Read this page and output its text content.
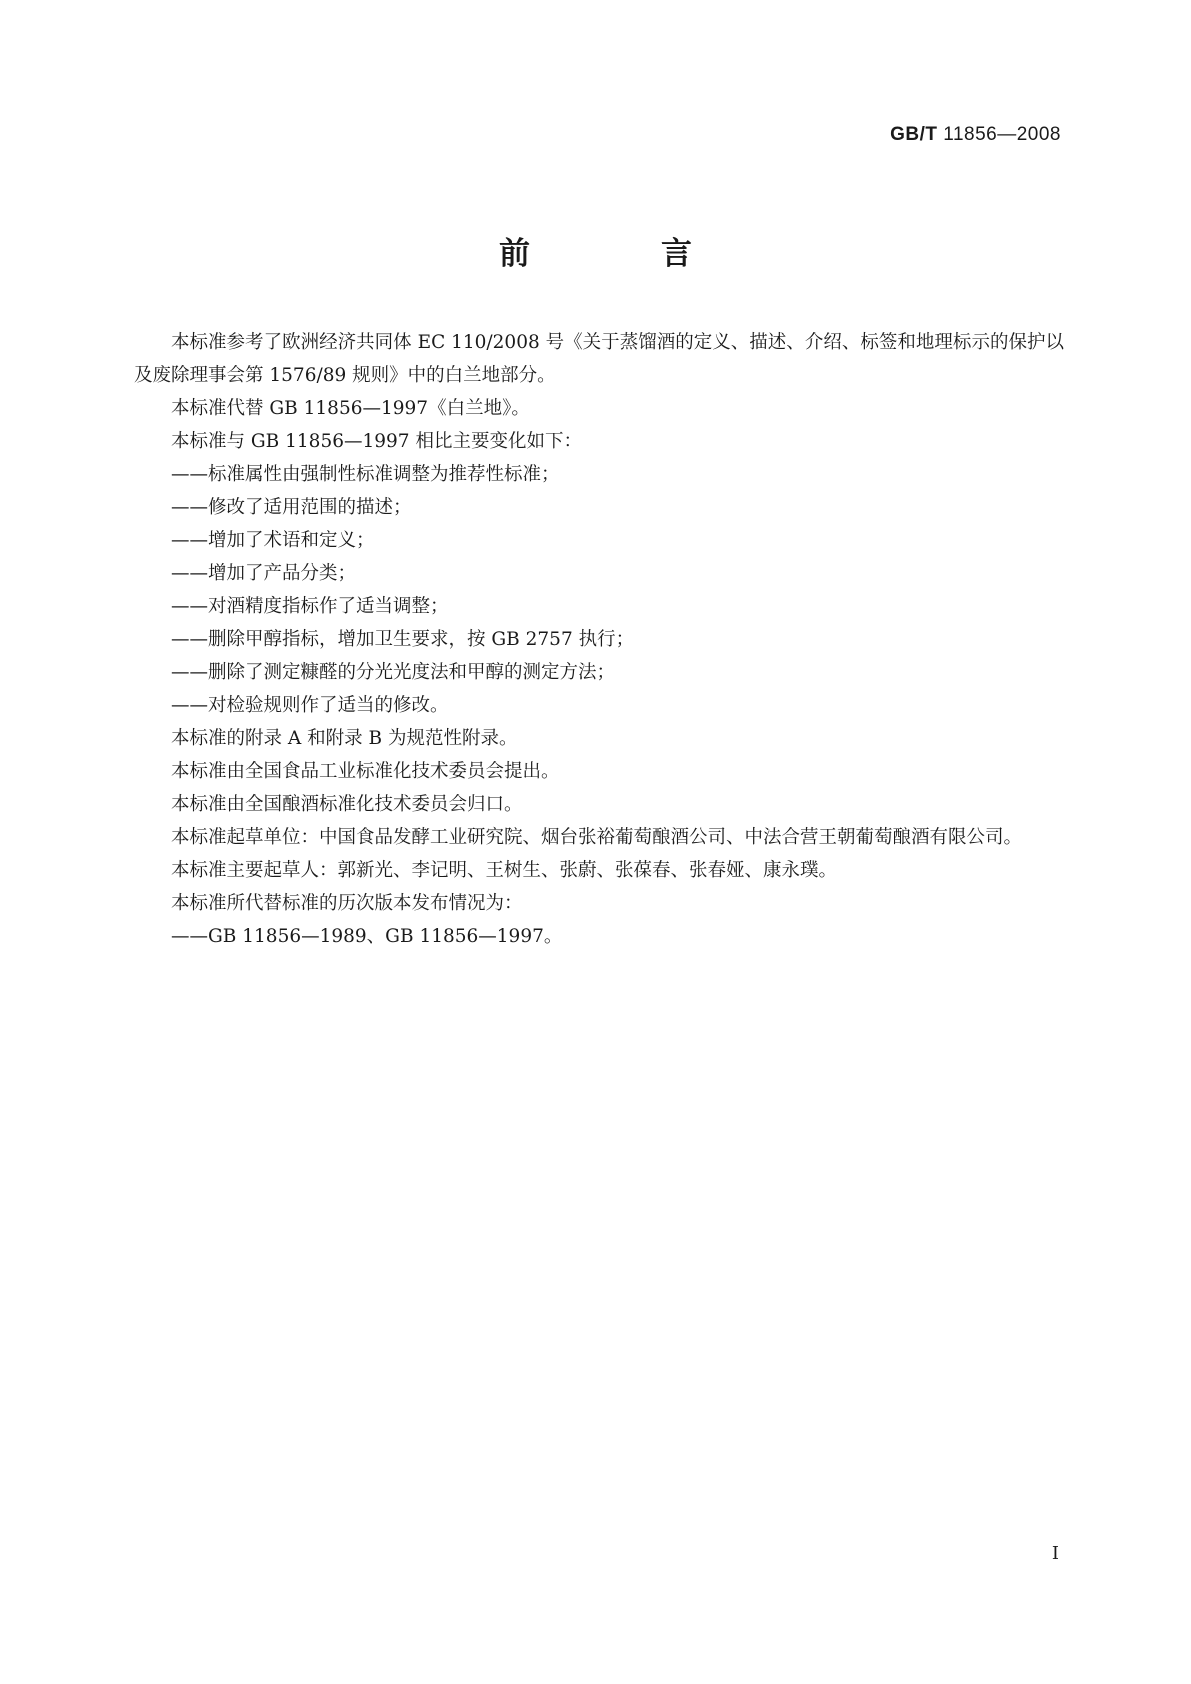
GB/T 11856—2008
前　言

本标准参考了欧洲经济共同体 EC 110/2008 号《关于蒸馏酒的定义、描述、介绍、标签和地理标示的保护以及废除理事会第 1576/89 规则》中的白兰地部分。

本标准代替 GB 11856—1997《白兰地》。

本标准与 GB 11856—1997 相比主要变化如下：

——标准属性由强制性标准调整为推荐性标准；

——修改了适用范围的描述；

——增加了术语和定义；

——增加了产品分类；

——对酒精度指标作了适当调整；

——删除甲醇指标，增加卫生要求，按 GB 2757 执行；

——删除了测定糠醛的分光光度法和甲醇的测定方法；

——对检验规则作了适当的修改。

本标准的附录 A 和附录 B 为规范性附录。

本标准由全国食品工业标准化技术委员会提出。

本标准由全国酿酒标准化技术委员会归口。

本标准起草单位：中国食品发酵工业研究院、烟台张裕葡萄酿酒公司、中法合营王朝葡萄酿酒有限公司。

本标准主要起草人：郭新光、李记明、王树生、张蔚、张葆春、张春娅、康永璞。

本标准所代替标准的历次版本发布情况为：

——GB 11856—1989、GB 11856—1997。

I
